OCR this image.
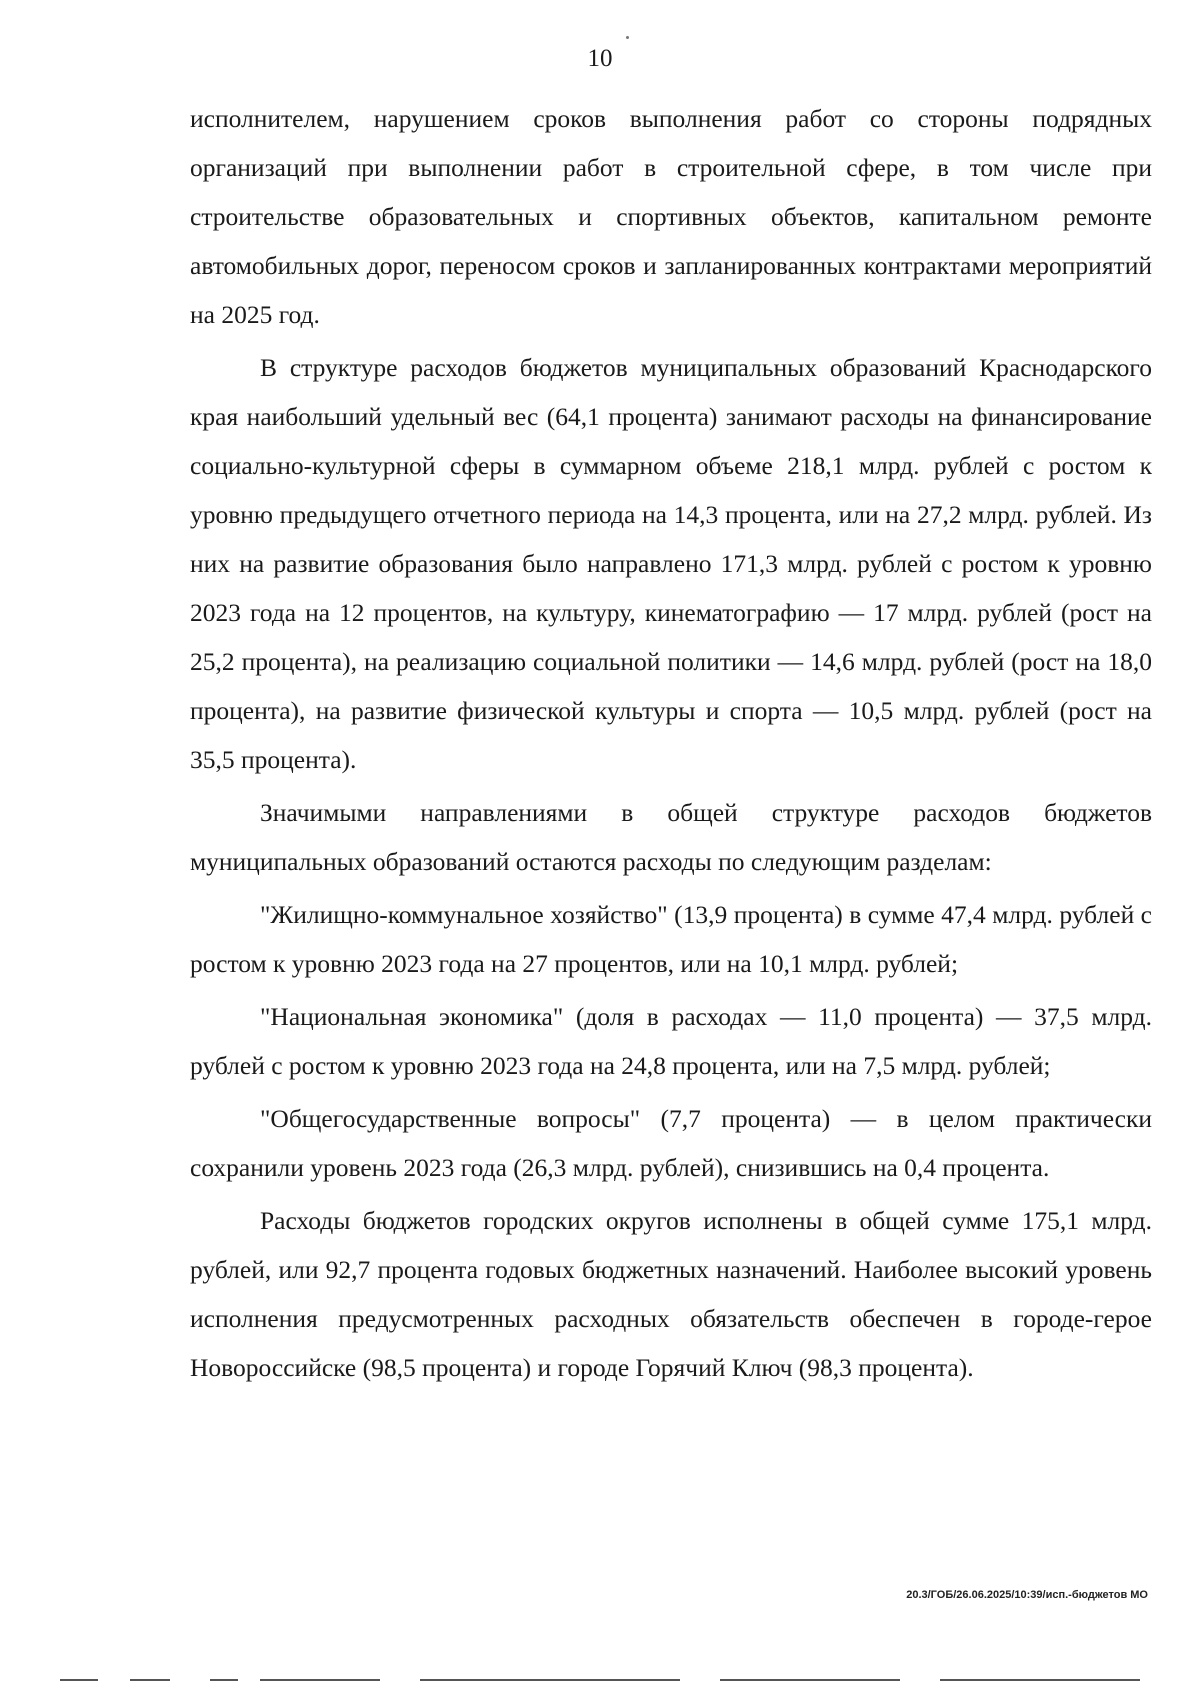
10

исполнителем, нарушением сроков выполнения работ со стороны подрядных организаций при выполнении работ в строительной сфере, в том числе при строительстве образовательных и спортивных объектов, капитальном ремонте автомобильных дорог, переносом сроков и запланированных контрактами мероприятий на 2025 год.

В структуре расходов бюджетов муниципальных образований Краснодарского края наибольший удельный вес (64,1 процента) занимают расходы на финансирование социально-культурной сферы в суммарном объеме 218,1 млрд. рублей с ростом к уровню предыдущего отчетного периода на 14,3 процента, или на 27,2 млрд. рублей. Из них на развитие образования было направлено 171,3 млрд. рублей с ростом к уровню 2023 года на 12 процентов, на культуру, кинематографию — 17 млрд. рублей (рост на 25,2 процента), на реализацию социальной политики — 14,6 млрд. рублей (рост на 18,0 процента), на развитие физической культуры и спорта — 10,5 млрд. рублей (рост на 35,5 процента).

Значимыми направлениями в общей структуре расходов бюджетов муниципальных образований остаются расходы по следующим разделам:

"Жилищно-коммунальное хозяйство" (13,9 процента) в сумме 47,4 млрд. рублей с ростом к уровню 2023 года на 27 процентов, или на 10,1 млрд. рублей;

"Национальная экономика" (доля в расходах — 11,0 процента) — 37,5 млрд. рублей с ростом к уровню 2023 года на 24,8 процента, или на 7,5 млрд. рублей;

"Общегосударственные вопросы" (7,7 процента) — в целом практически сохранили уровень 2023 года (26,3 млрд. рублей), снизившись на 0,4 процента.

Расходы бюджетов городских округов исполнены в общей сумме 175,1 млрд. рублей, или 92,7 процента годовых бюджетных назначений. Наиболее высокий уровень исполнения предусмотренных расходных обязательств обеспечен в городе-герое Новороссийске (98,5 процента) и городе Горячий Ключ (98,3 процента).

20.3/ГОБ/26.06.2025/10:39/исп.-бюджетов МО
